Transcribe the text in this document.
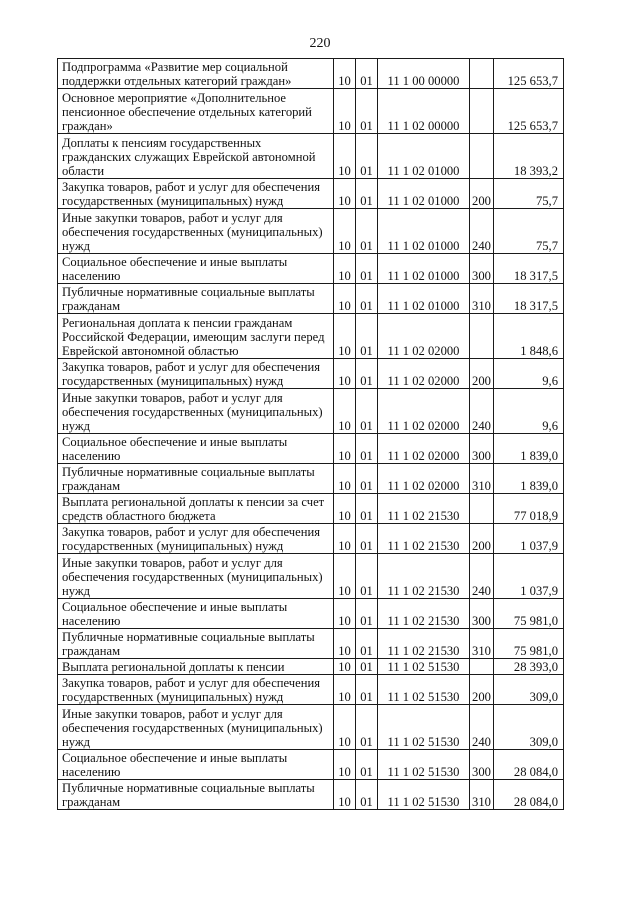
220
Подпрограмма «Развитие мер социальной поддержки отдельных категорий граждан»	10	01	11 1 00 00000		125 653,7
Основное мероприятие «Дополнительное пенсионное обеспечение отдельных категорий граждан»	10	01	11 1 02 00000		125 653,7
Доплаты к пенсиям государственных гражданских служащих Еврейской автономной области	10	01	11 1 02 01000		18 393,2
Закупка товаров, работ и услуг для обеспечения государственных (муниципальных) нужд	10	01	11 1 02 01000	200	75,7
Иные закупки товаров, работ и услуг для обеспечения государственных (муниципальных) нужд	10	01	11 1 02 01000	240	75,7
Социальное обеспечение и иные выплаты населению	10	01	11 1 02 01000	300	18 317,5
Публичные нормативные социальные выплаты гражданам	10	01	11 1 02 01000	310	18 317,5
Региональная доплата к пенсии гражданам Российской Федерации, имеющим заслуги перед Еврейской автономной областью	10	01	11 1 02 02000		1 848,6
Закупка товаров, работ и услуг для обеспечения государственных (муниципальных) нужд	10	01	11 1 02 02000	200	9,6
Иные закупки товаров, работ и услуг для обеспечения государственных (муниципальных) нужд	10	01	11 1 02 02000	240	9,6
Социальное обеспечение и иные выплаты населению	10	01	11 1 02 02000	300	1 839,0
Публичные нормативные социальные выплаты гражданам	10	01	11 1 02 02000	310	1 839,0
Выплата региональной доплаты к пенсии за счет средств областного бюджета	10	01	11 1 02 21530		77 018,9
Закупка товаров, работ и услуг для обеспечения государственных (муниципальных) нужд	10	01	11 1 02 21530	200	1 037,9
Иные закупки товаров, работ и услуг для обеспечения государственных (муниципальных) нужд	10	01	11 1 02 21530	240	1 037,9
Социальное обеспечение и иные выплаты населению	10	01	11 1 02 21530	300	75 981,0
Публичные нормативные социальные выплаты гражданам	10	01	11 1 02 21530	310	75 981,0
Выплата региональной доплаты к пенсии	10	01	11 1 02 51530		28 393,0
Закупка товаров, работ и услуг для обеспечения государственных (муниципальных) нужд	10	01	11 1 02 51530	200	309,0
Иные закупки товаров, работ и услуг для обеспечения государственных (муниципальных) нужд	10	01	11 1 02 51530	240	309,0
Социальное обеспечение и иные выплаты населению	10	01	11 1 02 51530	300	28 084,0
Публичные нормативные социальные выплаты гражданам	10	01	11 1 02 51530	310	28 084,0
